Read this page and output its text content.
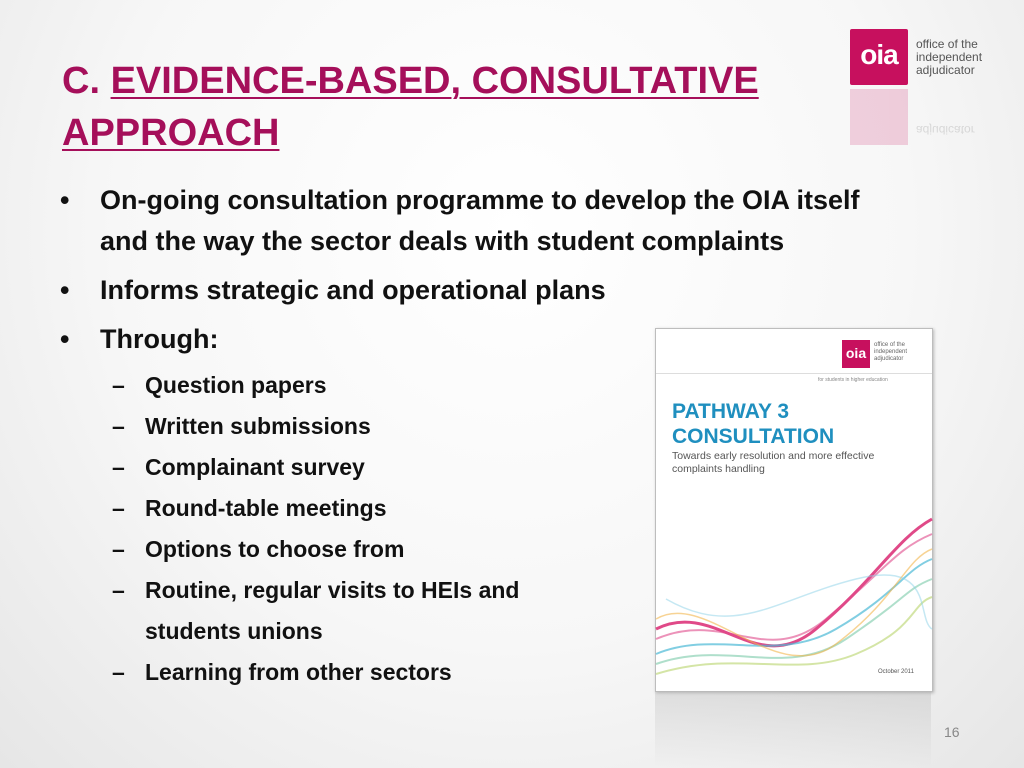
C. EVIDENCE-BASED, CONSULTATIVE
APPROACH
oia	office of the
independent
adjudicator
adjudicator
• On-going consultation programme to develop the OIA itself
and the way the sector deals with student complaints
• Informs strategic and operational plans
• Through:
– Question papers
– Written submissions
– Complainant survey
– Round-table meetings
– Options to choose from
– Routine, regular visits to HEIs and
students unions
– Learning from other sectors
oia	office of the
independent
adjudicator
for students in higher education
PATHWAY 3
CONSULTATION
Towards early resolution and more effective complaints handling
October 2011
16
